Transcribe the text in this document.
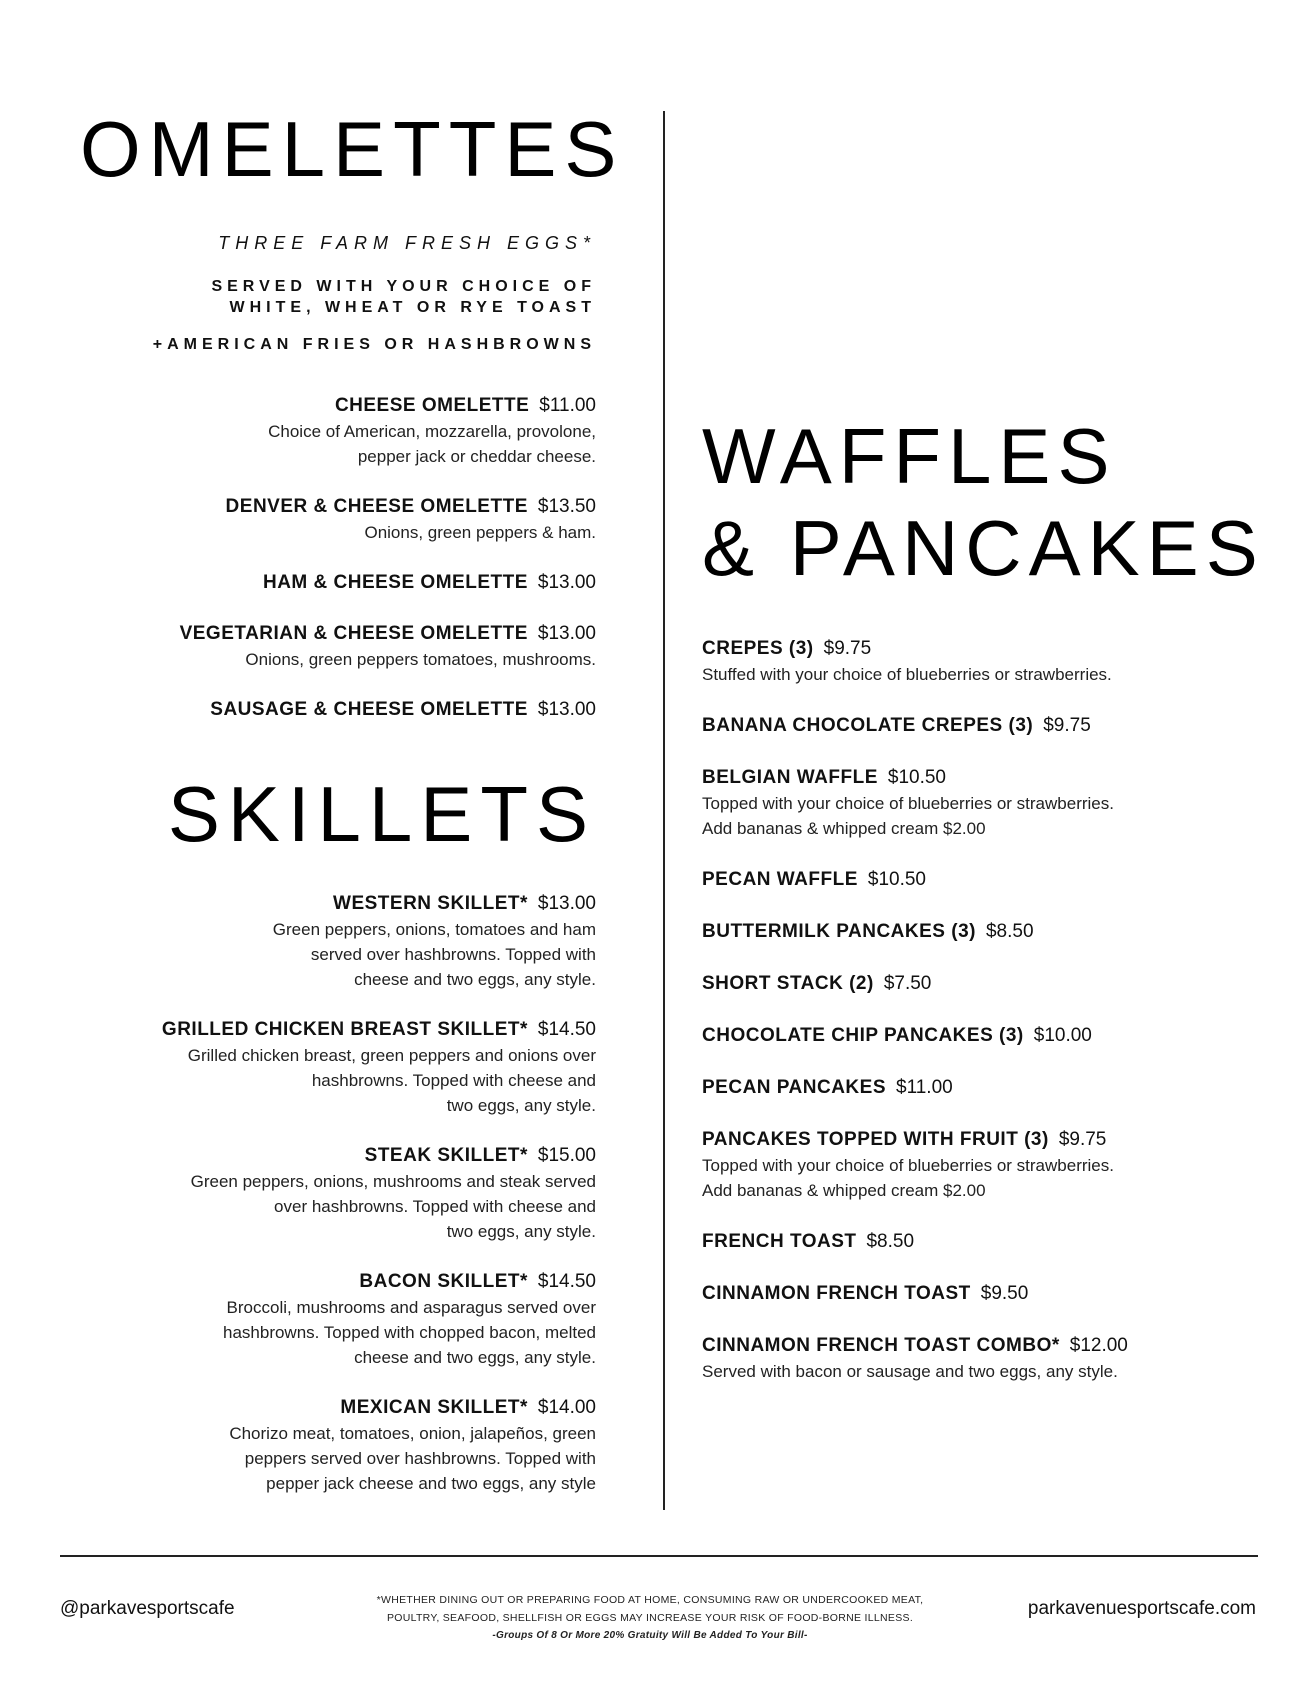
OMELETTES
THREE FARM FRESH EGGS*
SERVED WITH YOUR CHOICE OF
WHITE, WHEAT OR RYE TOAST
+AMERICAN FRIES OR HASHBROWNS
CHEESE OMELETTE $11.00
Choice of American, mozzarella, provolone,
pepper jack or cheddar cheese.
DENVER & CHEESE OMELETTE $13.50
Onions, green peppers & ham.
HAM & CHEESE OMELETTE $13.00
VEGETARIAN & CHEESE OMELETTE $13.00
Onions, green peppers tomatoes, mushrooms.
SAUSAGE & CHEESE OMELETTE $13.00
SKILLETS
WESTERN SKILLET* $13.00
Green peppers, onions, tomatoes and ham
served over hashbrowns. Topped with
cheese and two eggs, any style.
GRILLED CHICKEN BREAST SKILLET* $14.50
Grilled chicken breast, green peppers and onions over
hashbrowns. Topped with cheese and
two eggs, any style.
STEAK SKILLET* $15.00
Green peppers, onions, mushrooms and steak served
over hashbrowns. Topped with cheese and
two eggs, any style.
BACON SKILLET* $14.50
Broccoli, mushrooms and asparagus served over
hashbrowns. Topped with chopped bacon, melted
cheese and two eggs, any style.
MEXICAN SKILLET* $14.00
Chorizo meat, tomatoes, onion, jalapeños, green
peppers served over hashbrowns. Topped with
pepper jack cheese and two eggs, any style
WAFFLES
& PANCAKES
CREPES (3) $9.75
Stuffed with your choice of blueberries or strawberries.
BANANA CHOCOLATE CREPES (3) $9.75
BELGIAN WAFFLE $10.50
Topped with your choice of blueberries or strawberries.
Add bananas & whipped cream $2.00
PECAN WAFFLE $10.50
BUTTERMILK PANCAKES (3) $8.50
SHORT STACK (2) $7.50
CHOCOLATE CHIP PANCAKES (3) $10.00
PECAN PANCAKES $11.00
PANCAKES TOPPED WITH FRUIT (3) $9.75
Topped with your choice of blueberries or strawberries.
Add bananas & whipped cream $2.00
FRENCH TOAST $8.50
CINNAMON FRENCH TOAST $9.50
CINNAMON FRENCH TOAST COMBO* $12.00
Served with bacon or sausage and two eggs, any style.
@parkavesportscafe	*WHETHER DINING OUT OR PREPARING FOOD AT HOME, CONSUMING RAW OR UNDERCOOKED MEAT,
POULTRY, SEAFOOD, SHELLFISH OR EGGS MAY INCREASE YOUR RISK OF FOOD-BORNE ILLNESS.
-Groups Of 8 Or More 20% Gratuity Will Be Added To Your Bill-
parkavenuesportscafe.com
